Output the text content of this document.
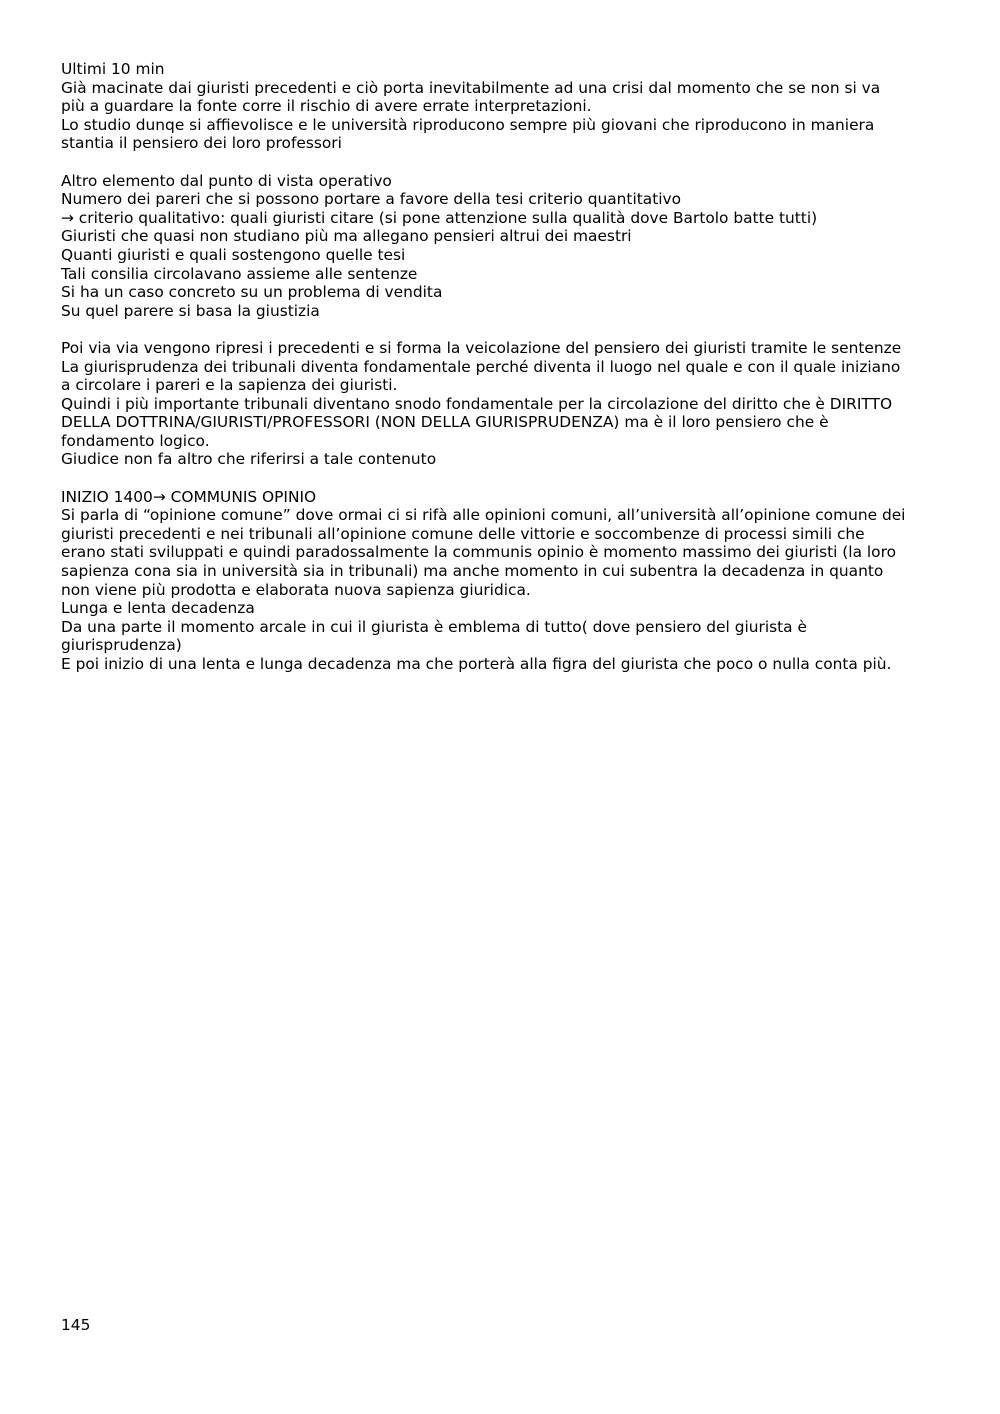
Ultimi 10 min
Già macinate dai giuristi precedenti e ciò porta inevitabilmente ad una crisi dal momento che se non si va
più a guardare la fonte corre il rischio di avere errate interpretazioni.
Lo studio dunqe si affievolisce e le università riproducono sempre più giovani che riproducono in maniera
stantia il pensiero dei loro professori
Altro elemento dal punto di vista operativo
Numero dei pareri che si possono portare a favore della tesi criterio quantitativo
→ criterio qualitativo: quali giuristi citare (si pone attenzione sulla qualità dove Bartolo batte tutti)
Giuristi che quasi non studiano più ma allegano pensieri altrui dei maestri
Quanti giuristi e quali sostengono quelle tesi
Tali consilia circolavano assieme alle sentenze
Si ha un caso concreto su un problema di vendita
Su quel parere si basa la giustizia
Poi via via vengono ripresi i precedenti e si forma la veicolazione del pensiero dei giuristi tramite le sentenze
La giurisprudenza dei tribunali diventa fondamentale perché diventa il luogo nel quale e con il quale iniziano
a circolare i pareri e la sapienza dei giuristi.
Quindi i più importante tribunali diventano snodo fondamentale per la circolazione del diritto che è DIRITTO
DELLA DOTTRINA/GIURISTI/PROFESSORI (NON DELLA GIURISPRUDENZA) ma è il loro pensiero che è
fondamento logico.
Giudice non fa altro che riferirsi a tale contenuto
INIZIO 1400→ COMMUNIS OPINIO
Si parla di “opinione comune” dove ormai ci si rifà alle opinioni comuni, all’università all’opinione comune dei
giuristi precedenti e nei tribunali all’opinione comune delle vittorie e soccombenze di processi simili che
erano stati sviluppati e quindi paradossalmente la communis opinio è momento massimo dei giuristi (la loro
sapienza cona sia in università sia in tribunali) ma anche momento in cui subentra la decadenza in quanto
non viene più prodotta e elaborata nuova sapienza giuridica.
Lunga e lenta decadenza
Da una parte il momento arcale in cui il giurista è emblema di tutto( dove pensiero del giurista è
giurisprudenza)
E poi inizio di una lenta e lunga decadenza ma che porterà alla figra del giurista che poco o nulla conta più.
145
